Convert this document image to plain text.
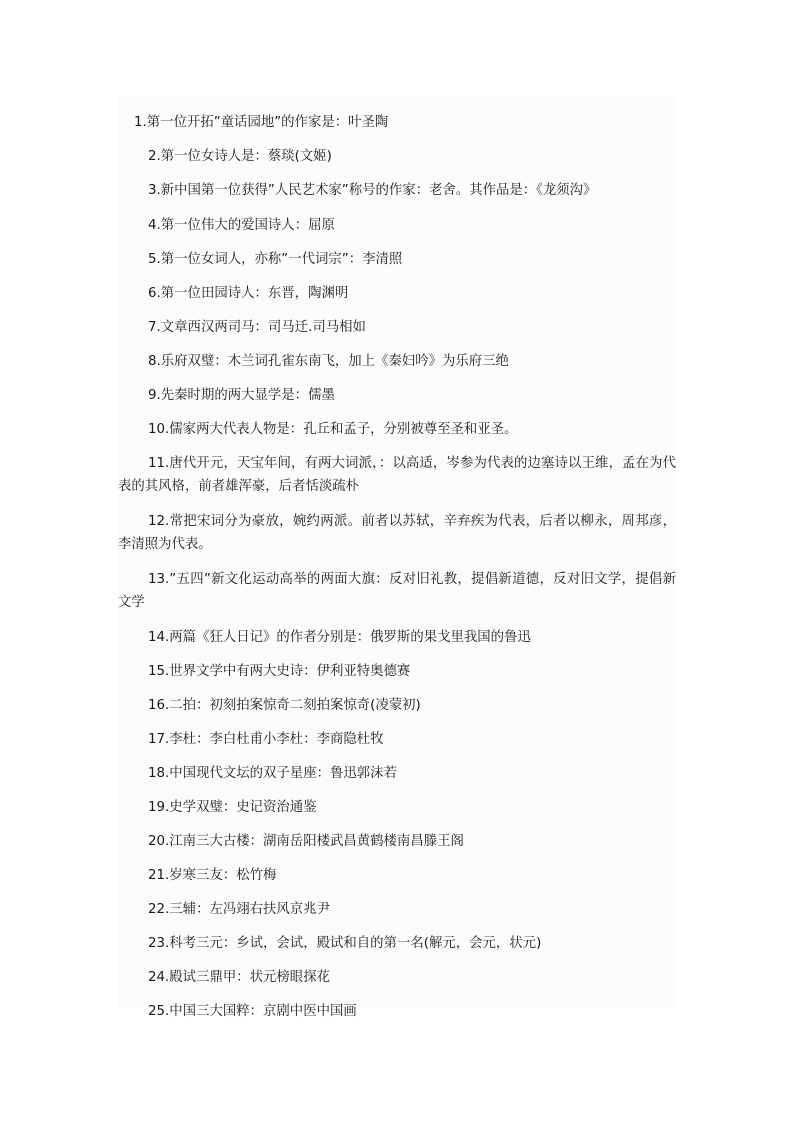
1.第一位开拓”童话园地”的作家是：叶圣陶

2.第一位女诗人是：蔡琰(文姬)

3.新中国第一位获得”人民艺术家”称号的作家：老舍。其作品是：《龙须沟》

4.第一位伟大的爱国诗人：屈原

5.第一位女词人，亦称”一代词宗”：李清照

6.第一位田园诗人：东晋，陶渊明

7.文章西汉两司马：司马迁.司马相如

8.乐府双璧：木兰词孔雀东南飞，加上《秦妇吟》为乐府三绝

9.先秦时期的两大显学是：儒墨

10.儒家两大代表人物是：孔丘和孟子，分别被尊至圣和亚圣。

11.唐代开元，天宝年间，有两大词派，：以高适，岑参为代表的边塞诗以王维，孟在为代表的其风格，前者雄浑豪，后者恬淡疏朴

12.常把宋词分为豪放，婉约两派。前者以苏轼，辛弃疾为代表，后者以柳永，周邦彦，李清照为代表。

13.”五四”新文化运动高举的两面大旗：反对旧礼教，提倡新道德，反对旧文学，提倡新文学

14.两篇《狂人日记》的作者分别是：俄罗斯的果戈里我国的鲁迅

15.世界文学中有两大史诗：伊利亚特奥德赛

16.二拍：初刻拍案惊奇二刻拍案惊奇(凌蒙初)

17.李杜：李白杜甫小李杜：李商隐杜牧

18.中国现代文坛的双子星座：鲁迅郭沫若

19.史学双璧：史记资治通鉴

20.江南三大古楼：湖南岳阳楼武昌黄鹤楼南昌滕王阁

21.岁寒三友：松竹梅

22.三辅：左冯翊右扶风京兆尹

23.科考三元：乡试，会试，殿试和自的第一名(解元，会元，状元)

24.殿试三鼎甲：状元榜眼探花

25.中国三大国粹：京剧中医中国画
